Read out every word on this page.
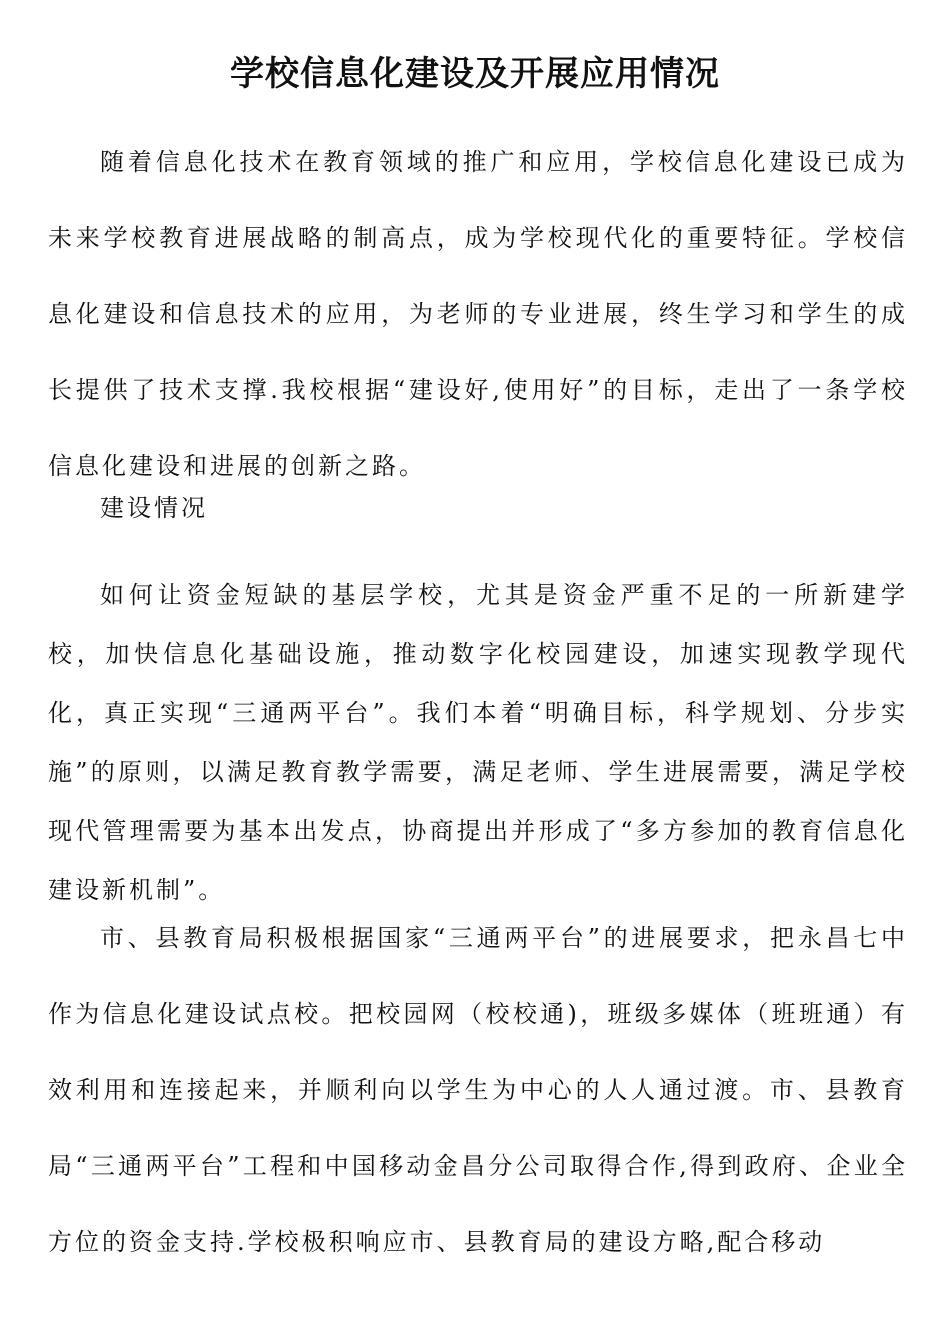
学校信息化建设及开展应用情况

随着信息化技术在教育领域的推广和应用，学校信息化建设已成为未来学校教育进展战略的制高点，成为学校现代化的重要特征。学校信息化建设和信息技术的应用，为老师的专业进展，终生学习和学生的成长提供了技术支撑.我校根据“建设好,使用好”的目标，走出了一条学校信息化建设和进展的创新之路。

建设情况

如何让资金短缺的基层学校，尤其是资金严重不足的一所新建学校，加快信息化基础设施，推动数字化校园建设，加速实现教学现代化，真正实现“三通两平台”。我们本着“明确目标，科学规划、分步实施”的原则，以满足教育教学需要，满足老师、学生进展需要，满足学校现代管理需要为基本出发点，协商提出并形成了“多方参加的教育信息化建设新机制”。

市、县教育局积极根据国家“三通两平台”的进展要求，把永昌七中作为信息化建设试点校。把校园网（校校通)，班级多媒体（班班通）有效利用和连接起来，并顺利向以学生为中心的人人通过渡。市、县教育局“三通两平台”工程和中国移动金昌分公司取得合作,得到政府、企业全方位的资金支持.学校极积响应市、县教育局的建设方略,配合移动
